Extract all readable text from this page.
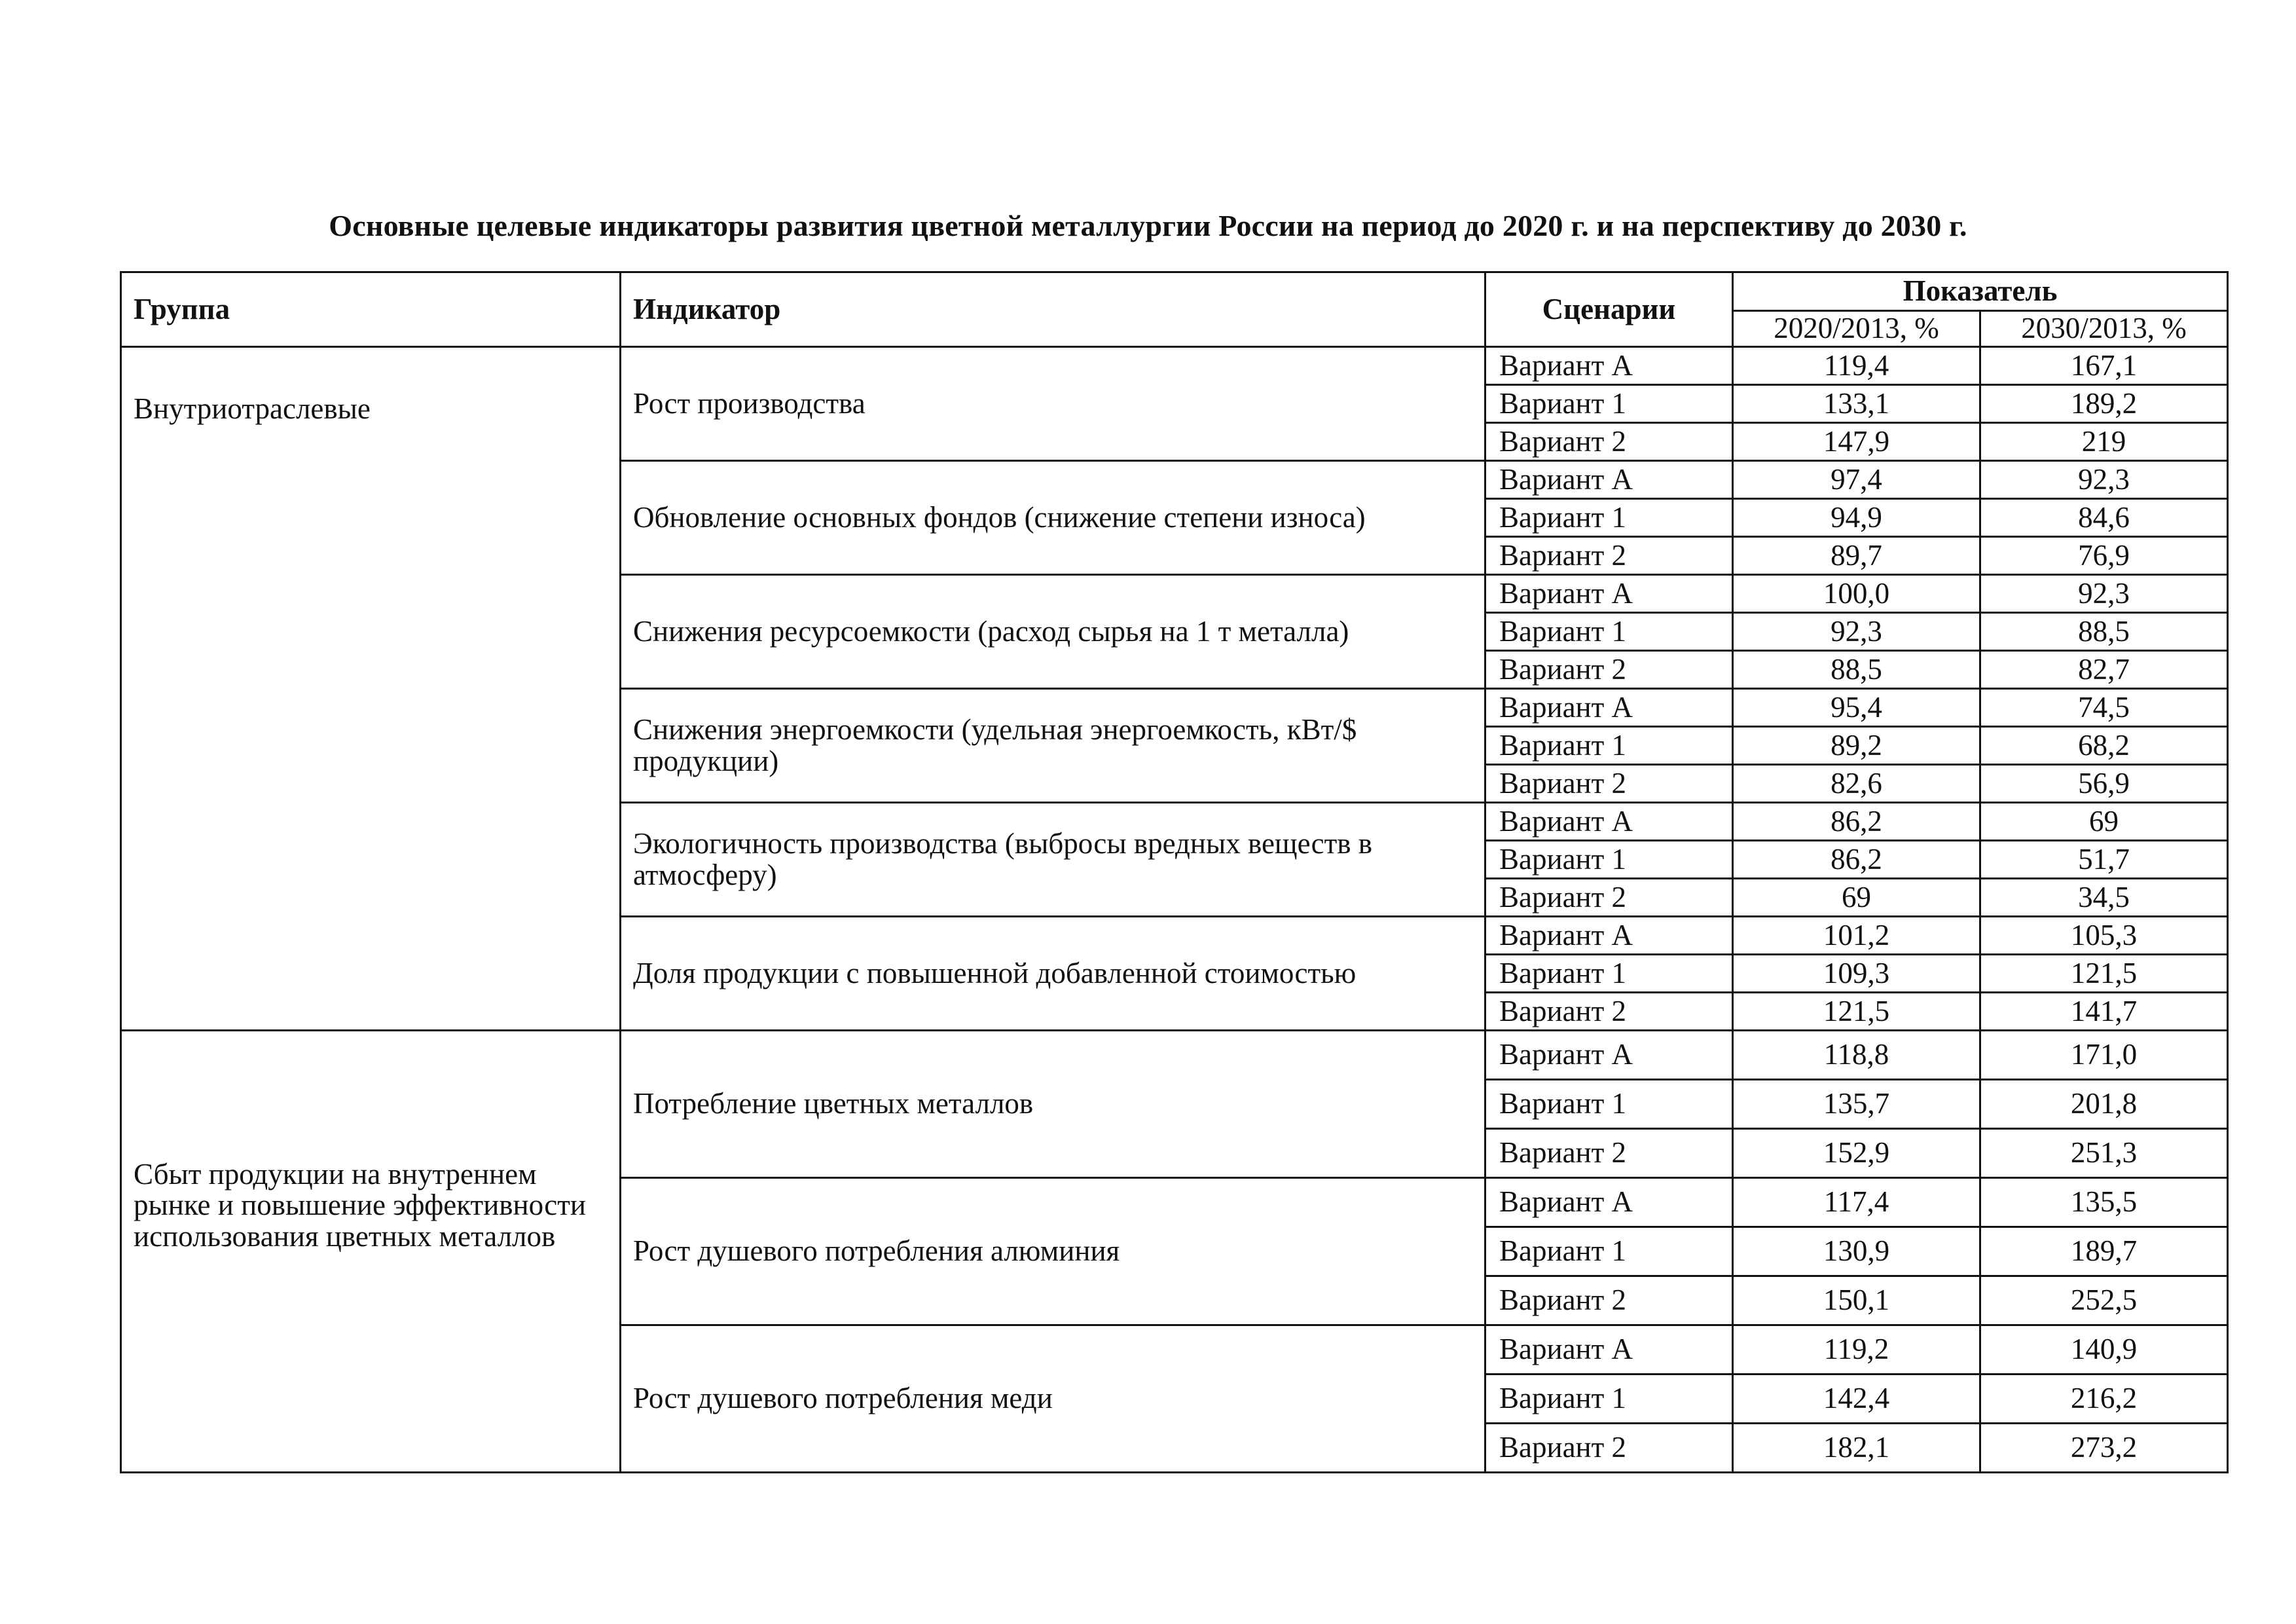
Основные целевые индикаторы развития цветной металлургии России на период до 2020 г. и на перспективу до 2030 г.
Группа	Индикатор	Сценарии	Показатель	
			2020/2013, %	2030/2013, %
Внутриотраслевые	Рост производства	Вариант А	119,4	167,1
		Вариант 1	133,1	189,2
		Вариант 2	147,9	219
	Обновление основных фондов (снижение степени износа)	Вариант А	97,4	92,3
		Вариант 1	94,9	84,6
		Вариант 2	89,7	76,9
	Снижения ресурсоемкости (расход сырья на 1 т металла)	Вариант А	100,0	92,3
		Вариант 1	92,3	88,5
		Вариант 2	88,5	82,7
	Снижения энергоемкости (удельная энергоемкость, кВт/$ продукции)	Вариант А	95,4	74,5
		Вариант 1	89,2	68,2
		Вариант 2	82,6	56,9
	Экологичность производства (выбросы вредных веществ в атмосферу)	Вариант А	86,2	69
		Вариант 1	86,2	51,7
		Вариант 2	69	34,5
	Доля продукции с повышенной добавленной стоимостью	Вариант А	101,2	105,3
		Вариант 1	109,3	121,5
		Вариант 2	121,5	141,7
Сбыт продукции на внутреннем рынке и повышение эффективности использования цветных металлов	Потребление цветных металлов	Вариант А	118,8	171,0
		Вариант 1	135,7	201,8
		Вариант 2	152,9	251,3
	Рост душевого потребления алюминия	Вариант А	117,4	135,5
		Вариант 1	130,9	189,7
		Вариант 2	150,1	252,5
	Рост душевого потребления меди	Вариант А	119,2	140,9
		Вариант 1	142,4	216,2
		Вариант 2	182,1	273,2
